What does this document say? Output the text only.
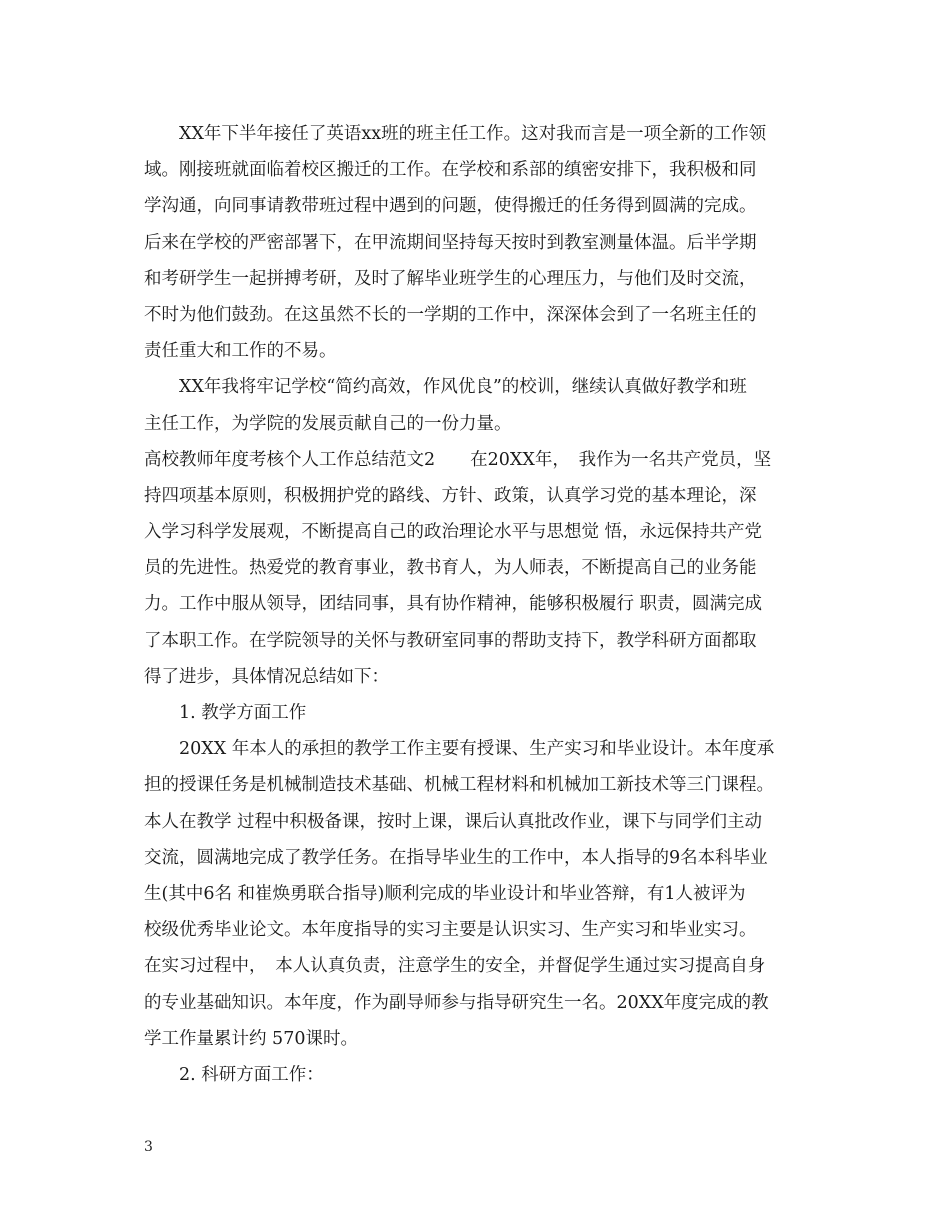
XX年下半年接任了英语xx班的班主任工作。这对我而言是一项全新的工作领
域。刚接班就面临着校区搬迁的工作。在学校和系部的缜密安排下，我积极和同
学沟通，向同事请教带班过程中遇到的问题，使得搬迁的任务得到圆满的完成。
后来在学校的严密部署下，在甲流期间坚持每天按时到教室测量体温。后半学期
和考研学生一起拼搏考研，及时了解毕业班学生的心理压力，与他们及时交流，
不时为他们鼓劲。在这虽然不长的一学期的工作中，深深体会到了一名班主任的
责任重大和工作的不易。
XX年我将牢记学校“简约高效，作风优良”的校训，继续认真做好教学和班
主任工作，为学院的发展贡献自己的一份力量。
高校教师年度考核个人工作总结范文2　　在20XX年，　我作为一名共产党员，坚
持四项基本原则，积极拥护党的路线、方针、政策，认真学习党的基本理论，深
入学习科学发展观，不断提高自己的政治理论水平与思想觉 悟，永远保持共产党
员的先进性。热爱党的教育事业，教书育人，为人师表，不断提高自己的业务能
力。工作中服从领导，团结同事，具有协作精神，能够积极履行 职责，圆满完成
了本职工作。在学院领导的关怀与教研室同事的帮助支持下，教学科研方面都取
得了进步，具体情况总结如下：
1. 教学方面工作
20XX 年本人的承担的教学工作主要有授课、生产实习和毕业设计。本年度承
担的授课任务是机械制造技术基础、机械工程材料和机械加工新技术等三门课程。
本人在教学 过程中积极备课，按时上课，课后认真批改作业，课下与同学们主动
交流，圆满地完成了教学任务。在指导毕业生的工作中，本人指导的9名本科毕业
生(其中6名 和崔焕勇联合指导)顺利完成的毕业设计和毕业答辩，有1人被评为
校级优秀毕业论文。本年度指导的实习主要是认识实习、生产实习和毕业实习。
在实习过程中，　本人认真负责，注意学生的安全，并督促学生通过实习提高自身
的专业基础知识。本年度，作为副导师参与指导研究生一名。20XX年度完成的教
学工作量累计约 570课时。
2. 科研方面工作：

3
